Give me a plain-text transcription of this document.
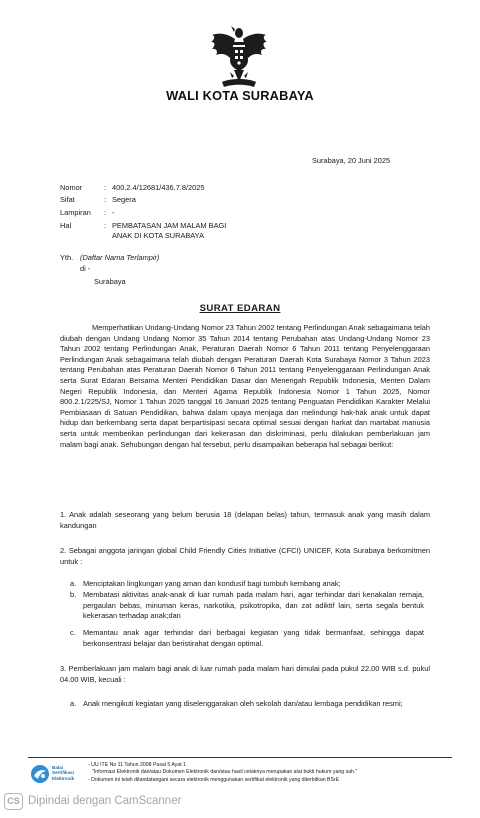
WALI KOTA SURABAYA
Surabaya, 20 Juni 2025
Nomor	: 400.2.4/12681/436.7.8/2025
Sifat	: Segera
Lampiran : -
Hal	: PEMBATASAN JAM MALAM BAGI
ANAK DI KOTA SURABAYA
Yth. (Daftar Nama Terlampir)
di -
Surabaya
SURAT EDARAN
Memperhatikan Undang-Undang Nomor 23 Tahun 2002 tentang Perlindungan Anak sebagaimana telah diubah dengan Undang Undang Nomor 35 Tahun 2014 tentang Perubahan atas Undang-Undang Nomor 23 Tahun 2002 tentang Perlindungan Anak, Peraturan Daerah Nomor 6 Tahun 2011 tentang Penyelenggaraan Perlindungan Anak sebagaimana telah diubah dengan Peraturan Daerah Kota Surabaya Nomor 3 Tahun 2023 tentang Perubahan atas Peraturan Daerah Nomor 6 Tahun 2011 tentang Penyelenggaraan Perlindungan Anak serta Surat Edaran Bersama Menteri Pendidikan Dasar dan Menengah Republik Indonesia, Menteri Dalam Negeri Republik Indonesia, dan Menteri Agama Republik Indonesia Nomor 1 Tahun 2025, Nomor 800.2.1/225/SJ, Nomor 1 Tahun 2025 tanggal 16 Januari 2025 tentang Penguatan Pendidikan Karakter Melalui Pembiasaan di Satuan Pendidikan, bahwa dalam upaya menjaga dan melindungi hak-hak anak untuk dapat hidup dan berkembang serta dapat berpartisipasi secara optimal sesuai dengan harkat dan martabat manusia serta untuk memberikan perlindungan dari kekerasan dan diskriminasi, perlu dilakukan pemberlakuan jam malam bagi anak. Sehubungan dengan hal tersebut, perlu disampaikan beberapa hal sebagai berikut:
1. Anak adalah seseorang yang belum berusia 18 (delapan belas) tahun, termasuk anak yang masih dalam kandungan
2. Sebagai anggota jaringan global Child Friendly Cities Initiative (CFCI) UNICEF, Kota Surabaya berkomitmen untuk :
a. Menciptakan lingkungan yang aman dan kondusif bagi tumbuh kembang anak;
b. Membatasi aktivitas anak-anak di luar rumah pada malam hari, agar terhindar dari kenakalan remaja, pergaulan bebas, minuman keras, narkotika, psikotropika, dan zat adiktif lain, serta segala bentuk kekerasan terhadap anak;dan
c. Memantau anak agar terhindar dari berbagai kegiatan yang tidak bermanfaat, sehingga dapat berkonsentrasi belajar dan beristirahat dengan optimal.
3. Pemberlakuan jam malam bagi anak di luar rumah pada malam hari dimulai pada pukul 22.00 WIB s.d. pukul 04.00 WIB, kecuali :
a. Anak mengikuti kegiatan yang diselenggarakan oleh sekolah dan/atau lembaga pendidikan resmi;
Balai
Sertifikasi
Elektronik
- UU ITE No 11 Tahun 2008 Pasal 5 Ayat 1
"Informasi Elektronik dan/atau Dokumen Elektronik dan/atau hasil cetaknya merupakan alat bukti hukum yang sah."
- Dokumen ini telah ditandatangani secara elektronik menggunakan sertifikat elektronik yang diterbitkan BSrE
CS Dipindai dengan CamScanner
